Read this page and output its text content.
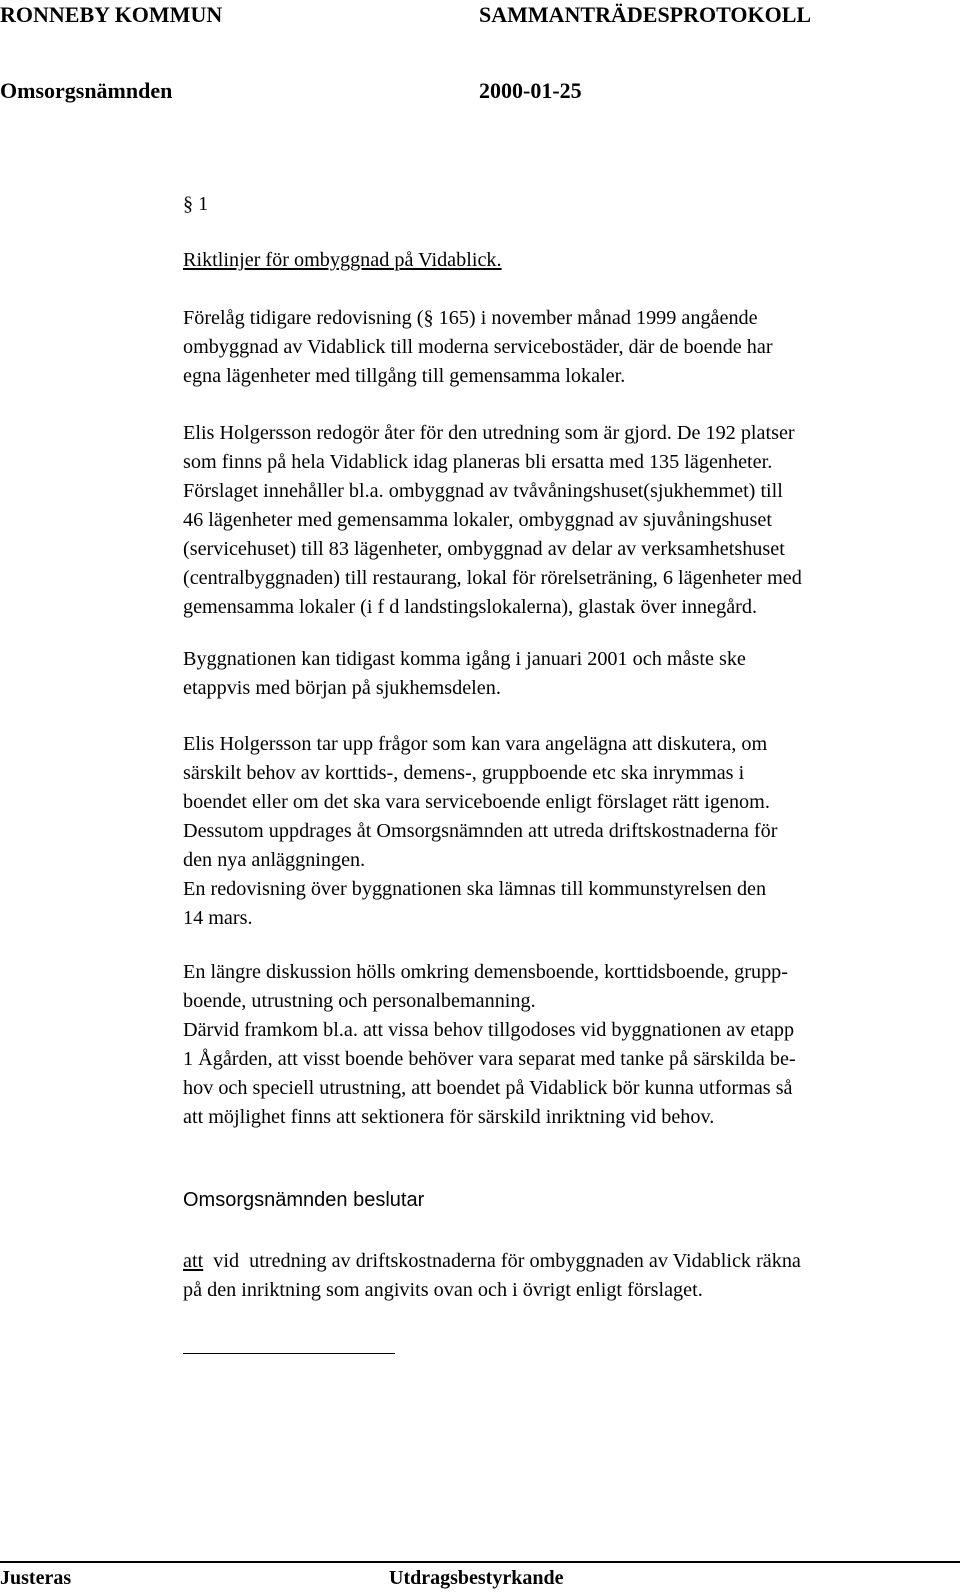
RONNEBY KOMMUN	SAMMANTRÄDESPROTOKOLL
Omsorgsnämnden	2000-01-25
§ 1
Riktlinjer för ombyggnad på Vidablick.
Förelåg tidigare redovisning (§ 165) i november månad 1999 angående
ombyggnad av Vidablick till moderna servicebostäder, där de boende har
egna lägenheter med tillgång till gemensamma lokaler.
Elis Holgersson redogör åter för den utredning som är gjord. De 192 platser
som finns på hela Vidablick idag planeras bli ersatta med 135 lägenheter.
Förslaget innehåller bl.a. ombyggnad av tvåvåningshuset(sjukhemmet) till
46 lägenheter med gemensamma lokaler, ombyggnad av sjuvåningshuset
(servicehuset) till 83 lägenheter, ombyggnad av delar av verksamhetshuset
(centralbyggnaden) till restaurang, lokal för rörelseträning, 6 lägenheter med
gemensamma lokaler (i f d landstingslokalerna), glastak över innegård.
Byggnationen kan tidigast komma igång i januari 2001 och måste ske
etappvis med början på sjukhemsdelen.
Elis Holgersson tar upp frågor som kan vara angelägna att diskutera, om
särskilt behov av korttids-, demens-, gruppboende etc ska inrymmas i
boendet eller om det ska vara serviceboende enligt förslaget rätt igenom.
Dessutom uppdrages åt Omsorgsnämnden att utreda driftskostnaderna för
den nya anläggningen.
En redovisning över byggnationen ska lämnas till kommunstyrelsen den
14 mars.
En längre diskussion hölls omkring demensboende, korttidsboende, grupp-
boende, utrustning och personalbemanning.
Därvid framkom bl.a. att vissa behov tillgodoses vid byggnationen av etapp
1 Ågården, att visst boende behöver vara separat med tanke på särskilda be-
hov och speciell utrustning, att boendet på Vidablick bör kunna utformas så
att möjlighet finns att sektionera för särskild inriktning vid behov.
Omsorgsnämnden beslutar
att  vid  utredning av driftskostnaderna för ombyggnaden av Vidablick räkna
på den inriktning som angivits ovan och i övrigt enligt förslaget.
Justeras	Utdragsbestyrkande
